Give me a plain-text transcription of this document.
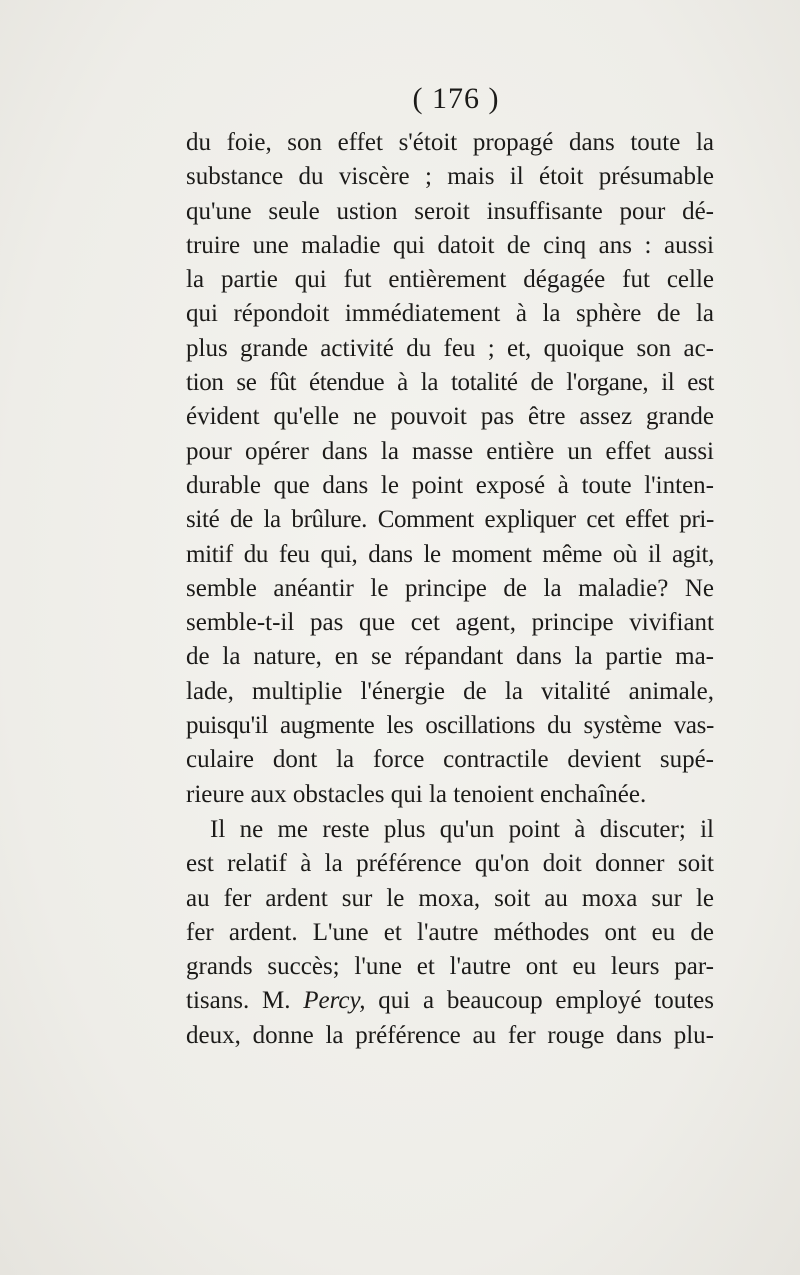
( 176 )
du foie, son effet s'étoit propagé dans toute la
substance du viscère ; mais il étoit présumable
qu'une seule ustion seroit insuffisante pour dé-
truire une maladie qui datoit de cinq ans : aussi
la partie qui fut entièrement dégagée fut celle
qui répondoit immédiatement à la sphère de la
plus grande activité du feu ; et, quoique son ac-
tion se fût étendue à la totalité de l'organe, il est
évident qu'elle ne pouvoit pas être assez grande
pour opérer dans la masse entière un effet aussi
durable que dans le point exposé à toute l'inten-
sité de la brûlure. Comment expliquer cet effet pri-
mitif du feu qui, dans le moment même où il agit,
semble anéantir le principe de la maladie? Ne
semble-t-il pas que cet agent, principe vivifiant
de la nature, en se répandant dans la partie ma-
lade, multiplie l'énergie de la vitalité animale,
puisqu'il augmente les oscillations du système vas-
culaire dont la force contractile devient supé-
rieure aux obstacles qui la tenoient enchaînée.
Il ne me reste plus qu'un point à discuter; il
est relatif à la préférence qu'on doit donner soit
au fer ardent sur le moxa, soit au moxa sur le
fer ardent. L'une et l'autre méthodes ont eu de
grands succès; l'une et l'autre ont eu leurs par-
tisans. M. Percy, qui a beaucoup employé toutes
deux, donne la préférence au fer rouge dans plu-
